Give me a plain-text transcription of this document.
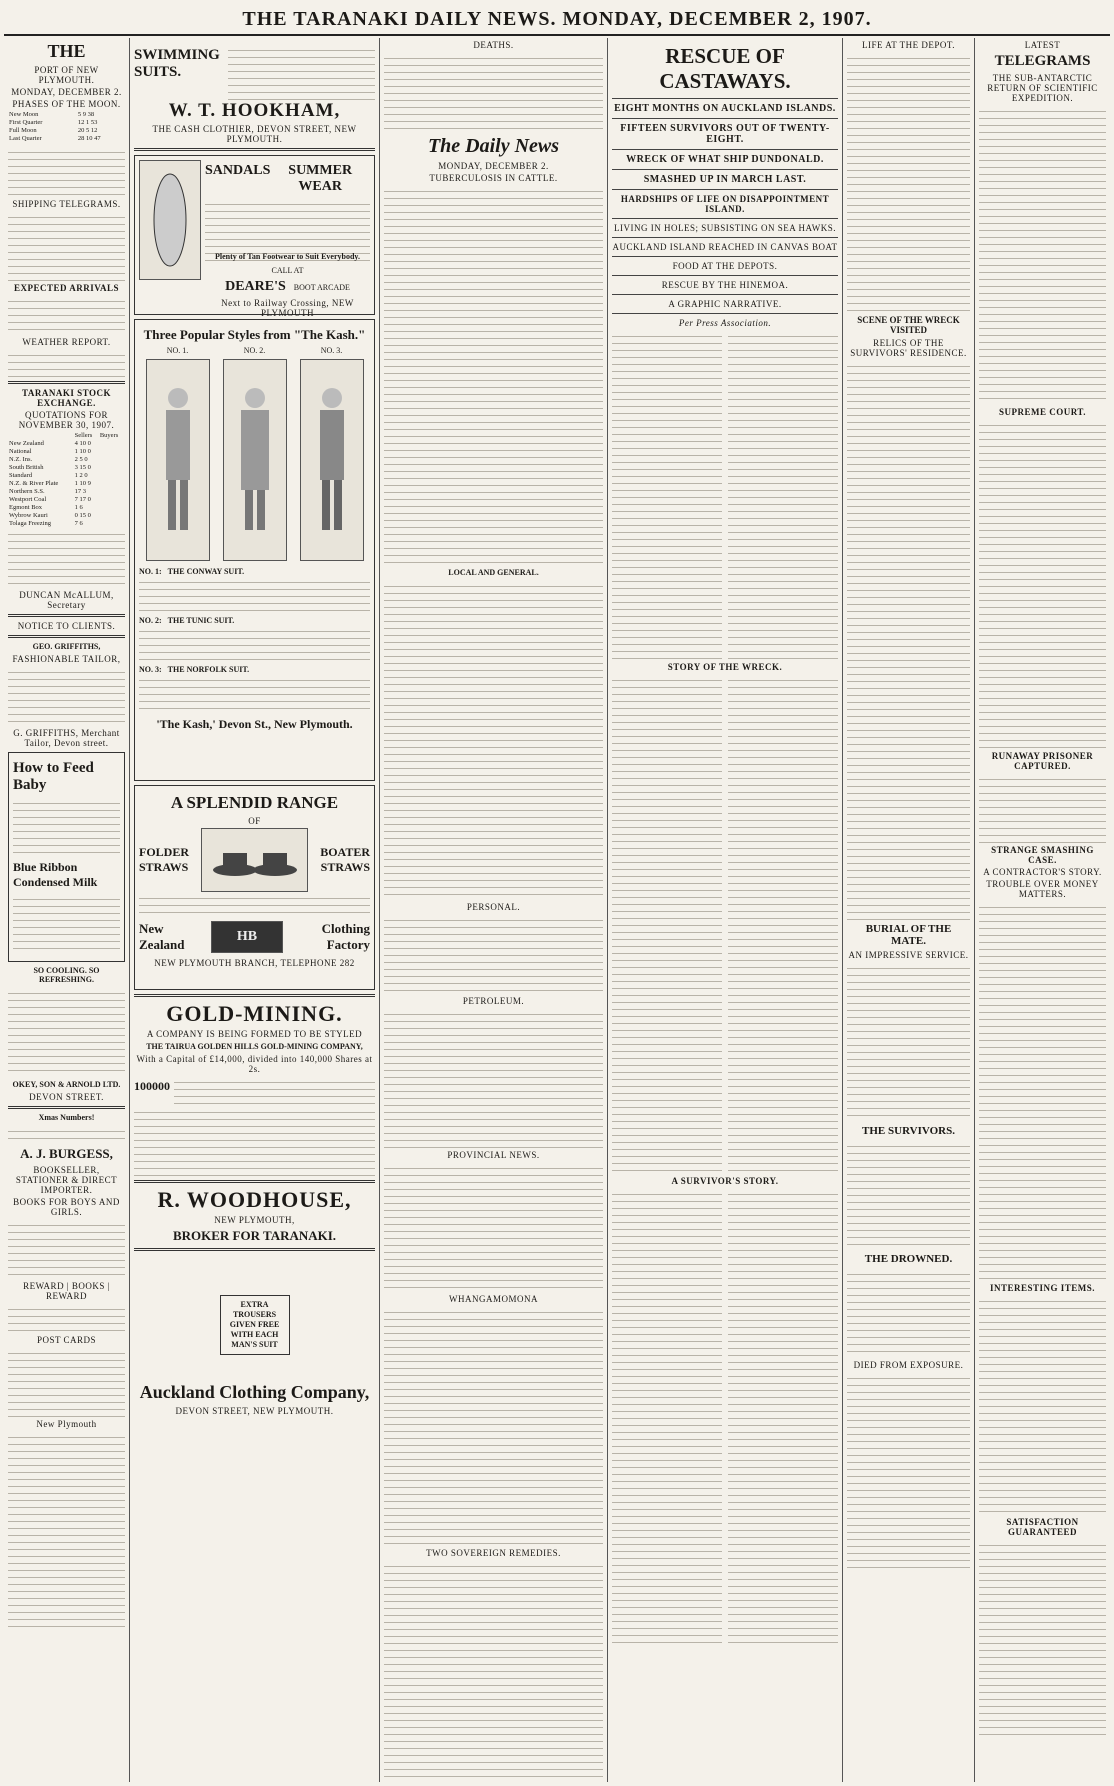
THE TARANAKI DAILY NEWS. MONDAY, DECEMBER 2, 1907.
THE
PORT OF NEW PLYMOUTH.
MONDAY, DECEMBER 2.
PHASES OF THE MOON.
New Moon	5 9 38
First Quarter	12 1 53
Full Moon	20 5 12
Last Quarter	28 10 47
SHIPPING TELEGRAMS.
EXPECTED ARRIVALS
WEATHER REPORT.
TARANAKI STOCK EXCHANGE.
QUOTATIONS FOR NOVEMBER 30, 1907.
	Sellers	Buyers
New Zealand	4 10 0	
National	1 10 0	
N.Z. Ins.	2 5 0	
South British	3 15 0	
Standard	1 2 0	
N.Z. & River Plate	1 10 9	
Northern S.S.	17 3	
Westport Coal	7 17 0	
Egmont Box	1 6	
Wybrow Kauri	0 15 0	
Tolaga Freezing	7 6	
DUNCAN McALLUM, Secretary
NOTICE TO CLIENTS.
GEO. GRIFFITHS,
FASHIONABLE TAILOR,
G. GRIFFITHS, Merchant Tailor, Devon street.
How to Feed Baby
Blue Ribbon Condensed Milk
SO COOLING. SO REFRESHING.
OKEY, SON & ARNOLD LTD.
DEVON STREET.
Xmas Numbers!
A. J. BURGESS,
BOOKSELLER, STATIONER & DIRECT IMPORTER.
BOOKS FOR BOYS AND GIRLS.
REWARD | BOOKS | REWARD
POST CARDS
New Plymouth
SWIMMING SUITS.
W. T. HOOKHAM,
THE CASH CLOTHIER, DEVON STREET, NEW PLYMOUTH.
SANDALS	SUMMER WEAR
Plenty of Tan Footwear to Suit Everybody.
CALL AT
DEARE'S BOOT ARCADE
Next to Railway Crossing, NEW PLYMOUTH
Three Popular Styles from "The Kash."
NO. 1.	NO. 2.	NO. 3.
NO. 1: THE CONWAY SUIT.
NO. 2: THE TUNIC SUIT.
NO. 3: THE NORFOLK SUIT.
'The Kash,' Devon St., New Plymouth.
A SPLENDID RANGE
OF
FOLDER STRAWS
BOATER STRAWS
New Zealand
HB
Clothing Factory
NEW PLYMOUTH BRANCH, TELEPHONE 282
GOLD-MINING.
A COMPANY IS BEING FORMED TO BE STYLED
THE TAIRUA GOLDEN HILLS GOLD-MINING COMPANY,
With a Capital of £14,000, divided into 140,000 Shares at 2s.
100000
R. WOODHOUSE,
NEW PLYMOUTH,
BROKER FOR TARANAKI.
EXTRA TROUSERS GIVEN FREE WITH EACH MAN'S SUIT
Auckland Clothing Company,
DEVON STREET, NEW PLYMOUTH.
DEATHS.
The Daily News
MONDAY, DECEMBER 2.
TUBERCULOSIS IN CATTLE.
LOCAL AND GENERAL.
PERSONAL.
PETROLEUM.
PROVINCIAL NEWS.
WHANGAMOMONA
TWO SOVEREIGN REMEDIES.
RESCUE OF CASTAWAYS.
EIGHT MONTHS ON AUCKLAND ISLANDS.
FIFTEEN SURVIVORS OUT OF TWENTY-EIGHT.
WRECK OF WHAT SHIP DUNDONALD.
SMASHED UP IN MARCH LAST.
HARDSHIPS OF LIFE ON DISAPPOINTMENT ISLAND.
LIVING IN HOLES; SUBSISTING ON SEA HAWKS.
AUCKLAND ISLAND REACHED IN CANVAS BOAT
FOOD AT THE DEPOTS.
RESCUE BY THE HINEMOA.
A GRAPHIC NARRATIVE.
Per Press Association.
STORY OF THE WRECK.
A SURVIVOR'S STORY.
LIFE AT THE DEPOT.
SCENE OF THE WRECK VISITED
RELICS OF THE SURVIVORS' RESIDENCE.
BURIAL OF THE MATE.
AN IMPRESSIVE SERVICE.
THE SURVIVORS.
THE DROWNED.
DIED FROM EXPOSURE.
LATEST
TELEGRAMS
THE SUB-ANTARCTIC RETURN OF SCIENTIFIC EXPEDITION.
SUPREME COURT.
RUNAWAY PRISONER CAPTURED.
STRANGE SMASHING CASE.
A CONTRACTOR'S STORY.
TROUBLE OVER MONEY MATTERS.
INTERESTING ITEMS.
SATISFACTION GUARANTEED
